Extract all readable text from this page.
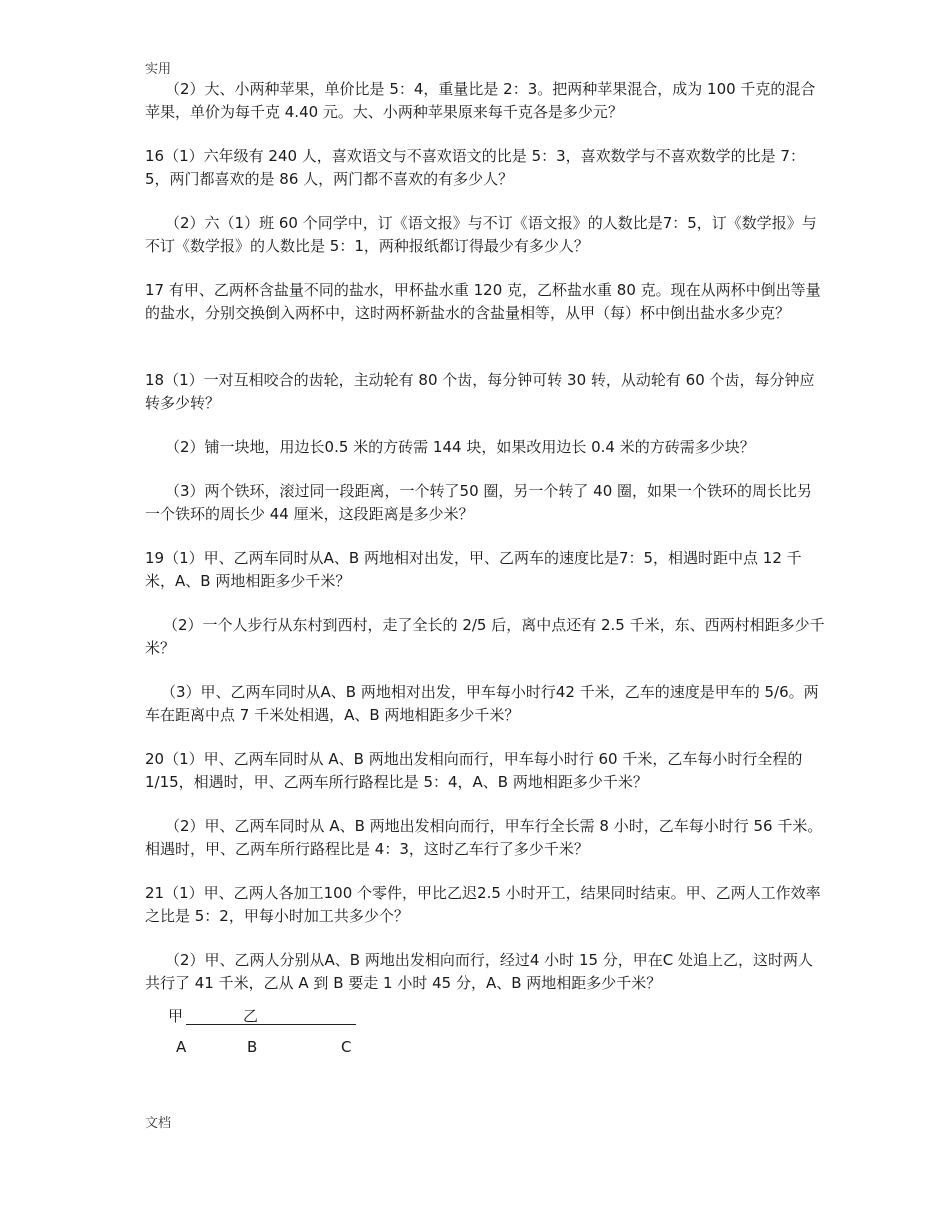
实用
（2）大、小两种苹果，单价比是 5：4，重量比是 2：3。把两种苹果混合，成为 100 千克的混合苹果，单价为每千克 4.40 元。大、小两种苹果原来每千克各是多少元？
16（1）六年级有 240 人，喜欢语文与不喜欢语文的比是 5：3，喜欢数学与不喜欢数学的比是 7：5，两门都喜欢的是 86 人，两门都不喜欢的有多少人？
（2）六（1）班 60 个同学中，订《语文报》与不订《语文报》的人数比是7：5，订《数学报》与不订《数学报》的人数比是 5：1，两种报纸都订得最少有多少人？
17 有甲、乙两杯含盐量不同的盐水，甲杯盐水重 120 克，乙杯盐水重 80 克。现在从两杯中倒出等量的盐水，分别交换倒入两杯中，这时两杯新盐水的含盐量相等，从甲（每）杯中倒出盐水多少克？
18（1）一对互相咬合的齿轮，主动轮有 80 个齿，每分钟可转 30 转，从动轮有 60 个齿，每分钟应转多少转？
（2）铺一块地，用边长0.5 米的方砖需 144 块，如果改用边长 0.4 米的方砖需多少块？
（3）两个铁环，滚过同一段距离，一个转了50 圈，另一个转了 40 圈，如果一个铁环的周长比另一个铁环的周长少 44 厘米，这段距离是多少米？
19（1）甲、乙两车同时从A、B 两地相对出发，甲、乙两车的速度比是7：5，相遇时距中点 12 千米，A、B 两地相距多少千米？
（2）一个人步行从东村到西村，走了全长的 2/5 后，离中点还有 2.5 千米，东、西两村相距多少千米？
（3）甲、乙两车同时从A、B 两地相对出发，甲车每小时行42 千米，乙车的速度是甲车的 5/6。两车在距离中点 7 千米处相遇，A、B 两地相距多少千米？
20（1）甲、乙两车同时从 A、B 两地出发相向而行，甲车每小时行 60 千米，乙车每小时行全程的 1/15，相遇时，甲、乙两车所行路程比是 5：4，A、B 两地相距多少千米？
（2）甲、乙两车同时从 A、B 两地出发相向而行，甲车行全长需 8 小时，乙车每小时行 56 千米。相遇时，甲、乙两车所行路程比是 4：3，这时乙车行了多少千米？
21（1）甲、乙两人各加工100 个零件，甲比乙迟2.5 小时开工，结果同时结束。甲、乙两人工作效率之比是 5：2，甲每小时加工共多少个？
（2）甲、乙两人分别从A、B 两地出发相向而行，经过4 小时 15 分，甲在C 处追上乙，这时两人共行了 41 千米，乙从 A 到 B 要走 1 小时 45 分，A、B 两地相距多少千米？
甲	乙
A	B	C
文档
